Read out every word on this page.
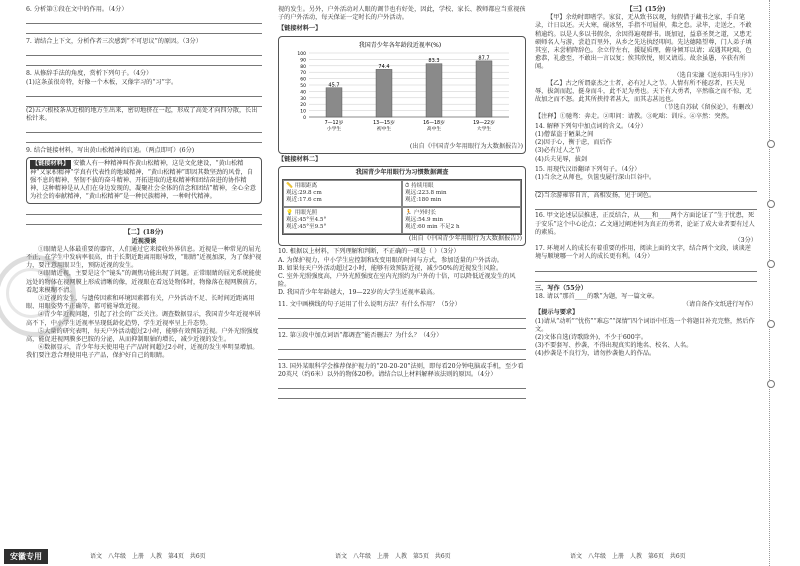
6. 分析第①段在文中的作用。（4分）

7. 请结合上下文，分析作者三次感到“不可思议”的原因。（3分）

8. 从修辞手法的角度，赏析下列句子。（4分）

(1)这条茧很奇特，好像一个木板，又像字习的“习”字。

(2)五六根枝条从近根的地方生出来，密切地挤在一起，形成了高处才向四分散，长出松针来。

9. 结合链接材料，写出黄山松精神的启迪。（两点即可）(6分)

【链接材料】 安徽人有一种精神叫作黄山松精神，这是文化建设，“黄山松精神”又家积精神“学真有代表性的地域精神，“黄山松精神”即因其数坚劲的风骨，自强不息的精神，坚韧不拔的奋斗精神、开拓进取的进取精神和团结奋进的协作精神，这种精神是从人们在身边发现的，凝聚社会全体的信念和团结”精神，全心全意为社会的奉献精神，“黄山松精神”是一种民族精神，一种时代精神。

【二】(18分)

近视漫谈

①眼睛是人体最重要的器官，人们通过它来接收外界信息。近视是一种常见的屈光不正，在学生中发病率很高，由于长期近距离用眼导致，“眼睛”近视加深，为了保护视力，要注意用眼卫生，预防近视的发生。

②眼睛近视，主要是这个“镜头”的调焦功能出现了问题。正常眼睛的屈光系统能使远处的物体在视网膜上形成清晰的像，近视眼在看远处物体时，物像落在视网膜前方，看起来模糊不清。

③近视的发生，与遗传因素和环境因素都有关，户外活动不足、长时间近距离用眼、用眼姿势不正确等，都可能导致近视。

④青少年近视问题，引起了社会的广泛关注。调查数据显示，我国青少年近视率居高不下，中小学生近视率呈现低龄化趋势，学生近视率呈上升态势。

⑤大量的研究表明，每天户外活动超过2小时，能够有效预防近视。户外光照强度高，能促进视网膜多巴胺的分泌，从而抑制眼轴的增长，减少近视的发生。

⑥数据显示，青少年每天使用电子产品时间超过2小时，近视的发生率明显增加。我们要注意合理使用电子产品，保护好自己的眼睛。

视的发生。另外，户外活动对人眼的调节也有好处，因此，学校、家长、教师都应当重视孩子的户外活动，每天保证一定时长的户外活动。

【链接材料一】

我国青少年各年龄段近视率(%)
0
10
20
30
40
50
60
70
80
90
100
45.7
7—12岁
小学生
74.4
13—15岁
初中生
83.3
16—18岁
高中生
87.7
19—22岁
大学生

(出自《中国青少年用眼行为大数据报告》)

【链接材料二】

我国青少年用眼行为习惯数据调查

📏 用眼距离
观远:29.8 cm
观近:17.6 cm
⏱ 持续用眼
观远:223.8 min
观近:180 min
💡 用眼光照
观远:45°至4.5°
观近:45°至9.5°
🏃 户外时长
观远:54.9 min
观近:60 min 不足2 h

(出自《中国青少年用眼行为大数据报告》)

10. 根据以上材料，下列理解和判断，不正确的一项是（ ）（3分）

A. 为保护视力，中小学生应控制和改变用眼的时间与方式，参加适量的户外活动。

B. 如果每天户外活动超过2小时，能够有效预防近视，减少50%的近视发生风险。

C. 室外光照强度高，户外光照强度在室内光照约为户外的十倍，可以降低近视发生的风险。

D. 我国青少年年龄越大，19—22岁的大学生近视率最高。

11. 文中画横线的句子运用了什么说明方法？有什么作用？（5分）

12. 第③段中加点词语“都调查”能否删去？为什么？（4分）

13. 国外某眼科学会推荐保护视力的“20-20-20”法则，即每看20分钟电脑或手机，至少看20英尺（约6米）以外的物体20秒。请结合以上材料解释该法则的原因。（4分）

【三】(15分)

【甲】余幼时即嗜学。家贫，无从致书以观，每假借于藏书之家，手自笔录，计日以还。天大寒，砚冰坚，手指不可屈伸，弗之怠。录毕，走送之，不敢稍逾约。以是人多以书假余，余因得遍观群书。既加冠，益慕圣贤之道，又患无硕师名人与游，尝趋百里外，从乡之先达执经叩问。先达德隆望尊，门人弟子填其室，未尝稍降辞色。余立侍左右，援疑质理，俯身倾耳以请；或遇其叱咄，色愈恭，礼愈至，不敢出一言以复；俟其欣悦，则又请焉。故余虽愚，卒获有所闻。

（选自宋濂《送东阳马生序》）

【乙】古之所谓豪杰之士者，必有过人之节。人情有所不能忍者，匹夫见辱，拔剑而起，挺身而斗，此不足为勇也。天下有大勇者，卒然临之而不惊，无故加之而不怒。此其所挟持者甚大，而其志甚远也。

（节选自苏轼《留侯论》，有删改）

【注释】①驰骛：奔走。②叩问：请教。③叱咄：训斥。④卒然：突然。

14. 解释下列句中加点词的含义。（4分）

(1)僧谋盗于陋巢之间

(2)因于心，衡于虑，而后作

(3)必有过人之节

(4)兵夫见辱，拔剑

15. 用现代汉语翻译下列句子。（4分）

(1)当余之从师也，负箧曳屣行深山巨谷中。

(2)当余游雍容自言，高相发扬，见于词色。

16. 甲文论述层层推进，正反结合，从____和____两个方面论证了“生于忧患，死于安乐”这个中心论点；乙文通过阐述何为真正的勇者，论证了成大业者要有过人的素质。

（3分）

17. 环境对人的成长有着重要的作用，阅读上面的文字，结合两个文段，谈谈逆境与顺境哪一个对人的成长更有利。（4分）

三、写作（55分）

18. 请以“那首____的歌”为题，写一篇文章。

（请自备作文纸进行写作）

【提示与要求】

(1)请从“动听”“忧伤”“难忘”“深情”四个词语中任选一个将题目补充完整，然后作文。

(2)文体自选(诗歌除外)，不少于600字。

(3)不要套写、抄袭，不得出现真实的地名、校名、人名。

(4)抄袭是不良行为，请勿抄袭他人的作品。

安徽专用	语文　八年级　上册　人教　第4页　共6页	语文　八年级　上册　人教　第5页　共6页	语文　八年级　上册　人教　第6页　共6页
